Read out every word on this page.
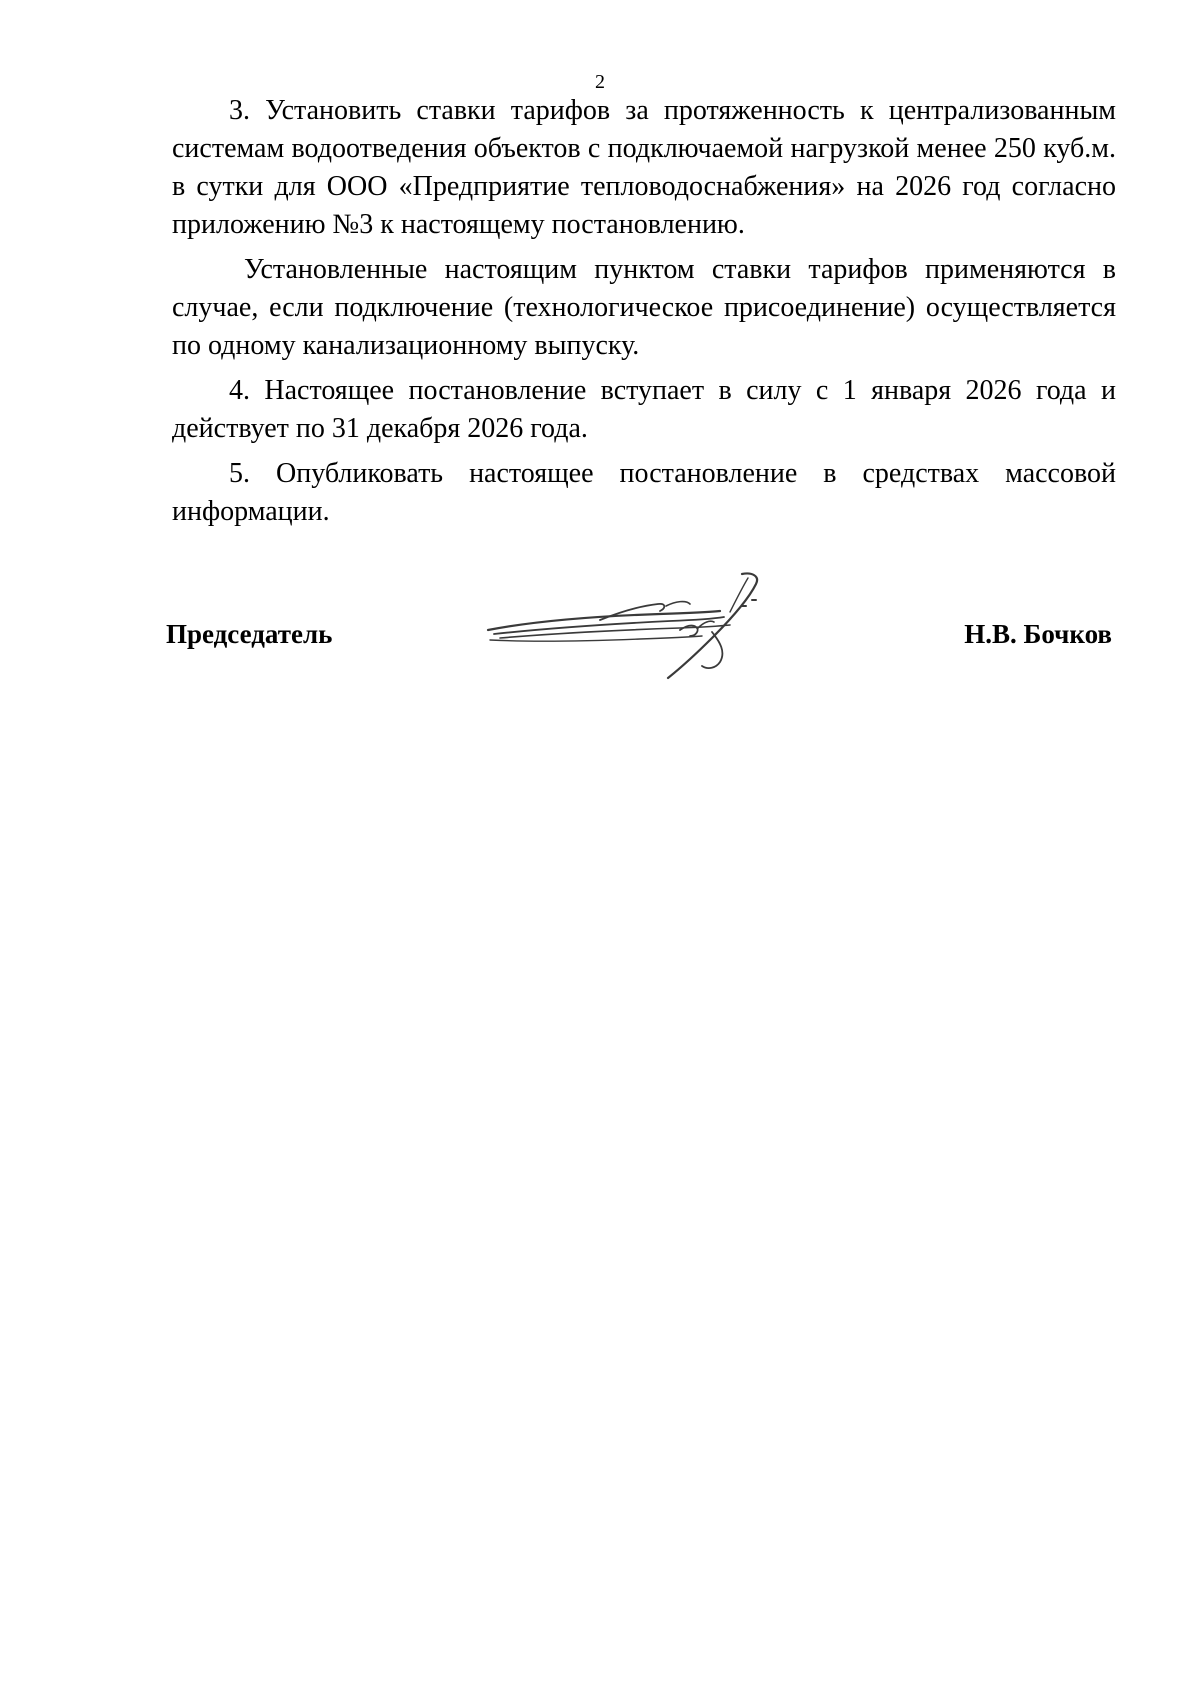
2

3. Установить ставки тарифов за протяженность к централизованным системам водоотведения объектов с подключаемой нагрузкой менее 250 куб.м. в сутки для ООО «Предприятие тепловодоснабжения» на 2026 год согласно приложению №3 к настоящему постановлению.

Установленные настоящим пунктом ставки тарифов применяются в случае, если подключение (технологическое присоединение) осуществляется по одному канализационному выпуску.

4. Настоящее постановление вступает в силу с 1 января 2026 года и действует по 31 декабря 2026 года.

5. Опубликовать настоящее постановление в средствах массовой информации.

Председатель	Н.В. Бочков
